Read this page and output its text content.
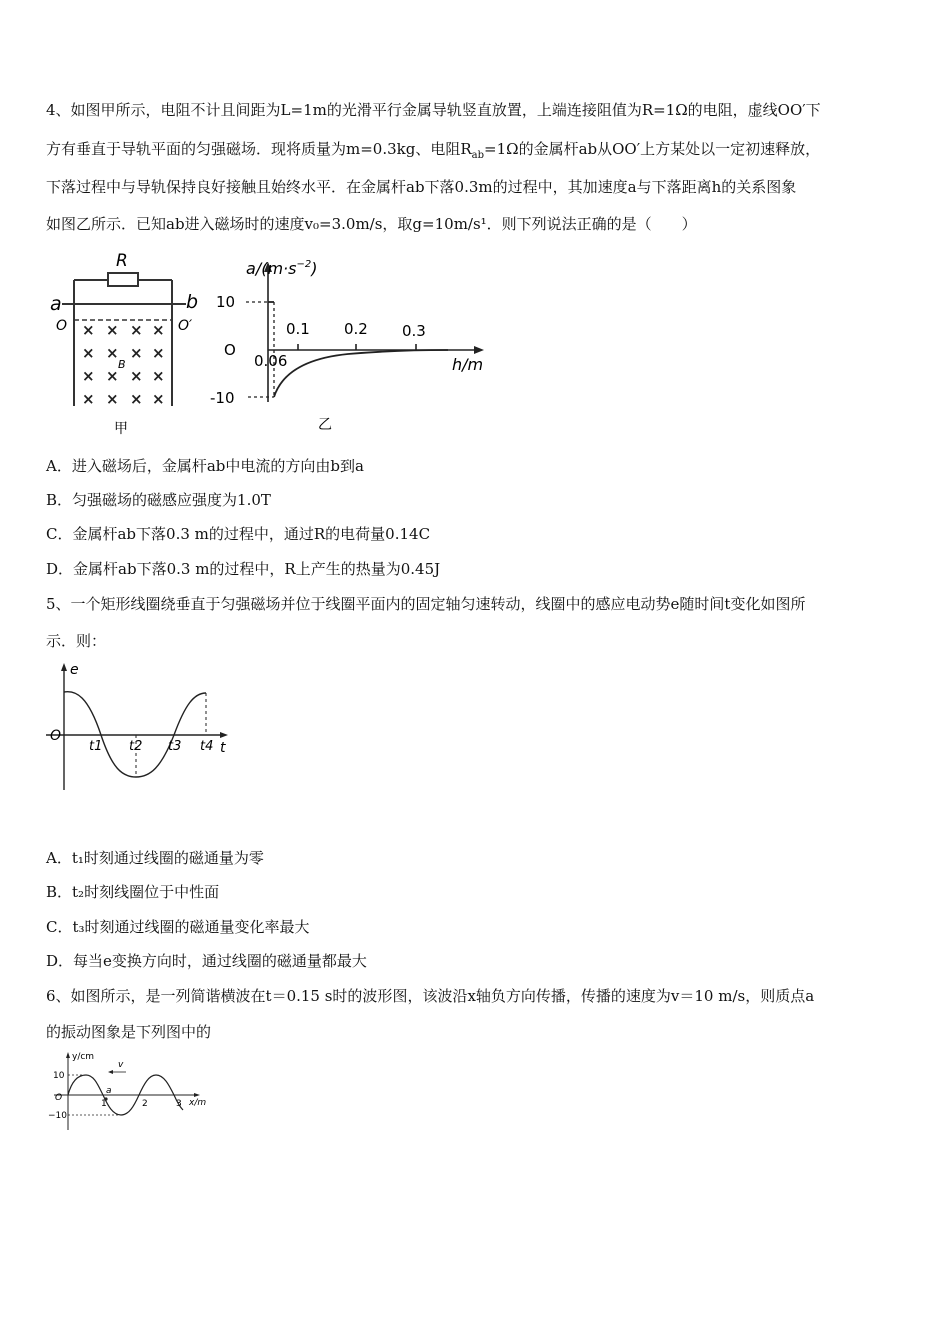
4、如图甲所示，电阻不计且间距为L=1m的光滑平行金属导轨竖直放置，上端连接阻值为R=1Ω的电阻，虚线OO′下
方有垂直于导轨平面的匀强磁场．现将质量为m=0.3kg、电阻$R_{ab}=1\Omega$的金属杆ab从OO′上方某处以一定初速释放，
下落过程中与导轨保持良好接触且始终水平．在金属杆ab下落0.3m的过程中，其加速度a与下落距离h的关系图象
如图乙所示．已知ab进入磁场时的速度v₀=3.0m/s，取g=10m/s¹．则下列说法正确的是（　　）
R
a	b
O	O′
× × × ×
× × × ×
× × × ×
× × × ×
B
甲
$a/(m\cdot s^{-2})$
10
O
-10
0.1 0.2 0.3
0.06	h/m
乙
A．进入磁场后，金属杆ab中电流的方向由b到a
B．匀强磁场的磁感应强度为1.0T
C．金属杆ab下落0.3 m的过程中，通过R的电荷量0.14C
D．金属杆ab下落0.3 m的过程中，R上产生的热量为0.45J
5、一个矩形线圈绕垂直于匀强磁场并位于线圈平面内的固定轴匀速转动，线圈中的感应电动势e随时间t变化如图所
示．则：
e
O
t1 t2 t3 t4 t
A．t₁时刻通过线圈的磁通量为零
B．t₂时刻线圈位于中性面
C．t₃时刻通过线圈的磁通量变化率最大
D．每当e变换方向时，通过线圈的磁通量都最大
6、如图所示，是一列简谐横波在t＝0.15 s时的波形图，该波沿x轴负方向传播，传播的速度为v＝10 m/s，则质点a
的振动图象是下列图中的
y/cm
x/m
10
O
−10
a
v
1	2	3
